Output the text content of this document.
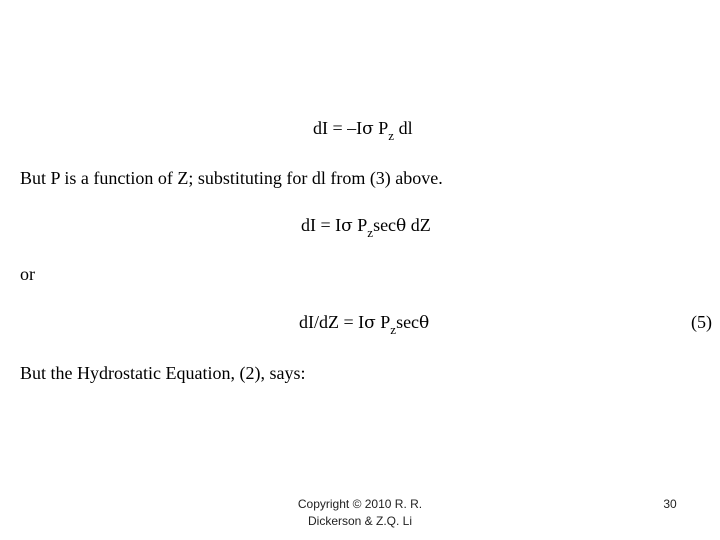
dI = –Iσ $P_z$ dl
But P is a function of Z; substituting for dl from (3) above.
dI = Iσ $P_z\sec\theta$ dZ
or
dI/dZ = Iσ $P_z\sec\theta$	(5)
But the Hydrostatic Equation, (2), says:
Copyright © 2010 R. R.
Dickerson & Z.Q. Li
30
